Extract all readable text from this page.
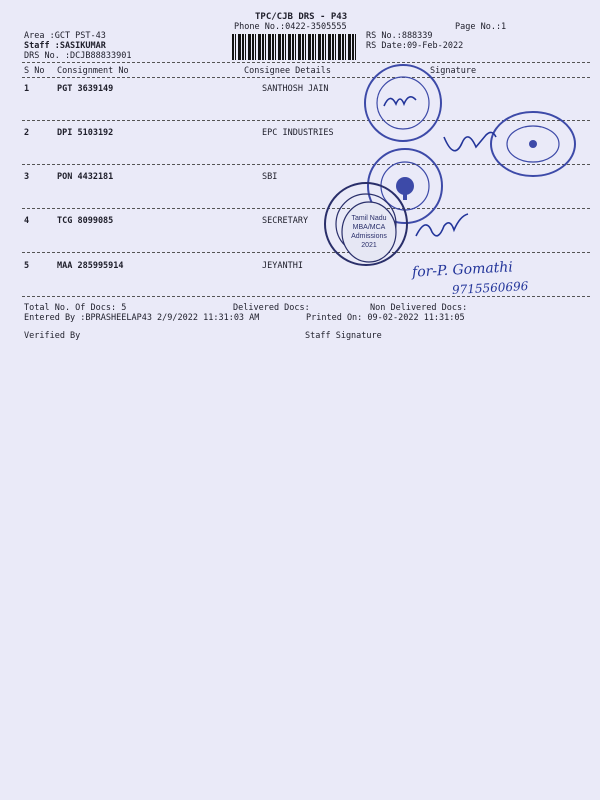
TPC/CJB DRS - P43
Phone No.:0422-3505555	Page No.:1
Area :GCT PST-43
Staff :SASIKUMAR
DRS No. :DCJB88833901
RS No.:888339
RS Date:09-Feb-2022
S No Consignment No	Consignee Details	Signature
1	PGT 3639149	SANTHOSH JAIN
2	DPI 5103192	EPC INDUSTRIES
3	PON 4432181	SBI
4	TCG 8099085	SECRETARY
5	MAA 285995914	JEYANTHI
Total No. Of Docs: 5	Delivered Docs:	Non Delivered Docs:
Entered By :BPRASHEELAP43 2/9/2022 11:31:03 AM	Printed On: 09-02-2022 11:31:05
Verified By	Staff Signature
Tamil Nadu
MBA/MCA
Admissions
2021
for-P. Gomathi
9715560696
